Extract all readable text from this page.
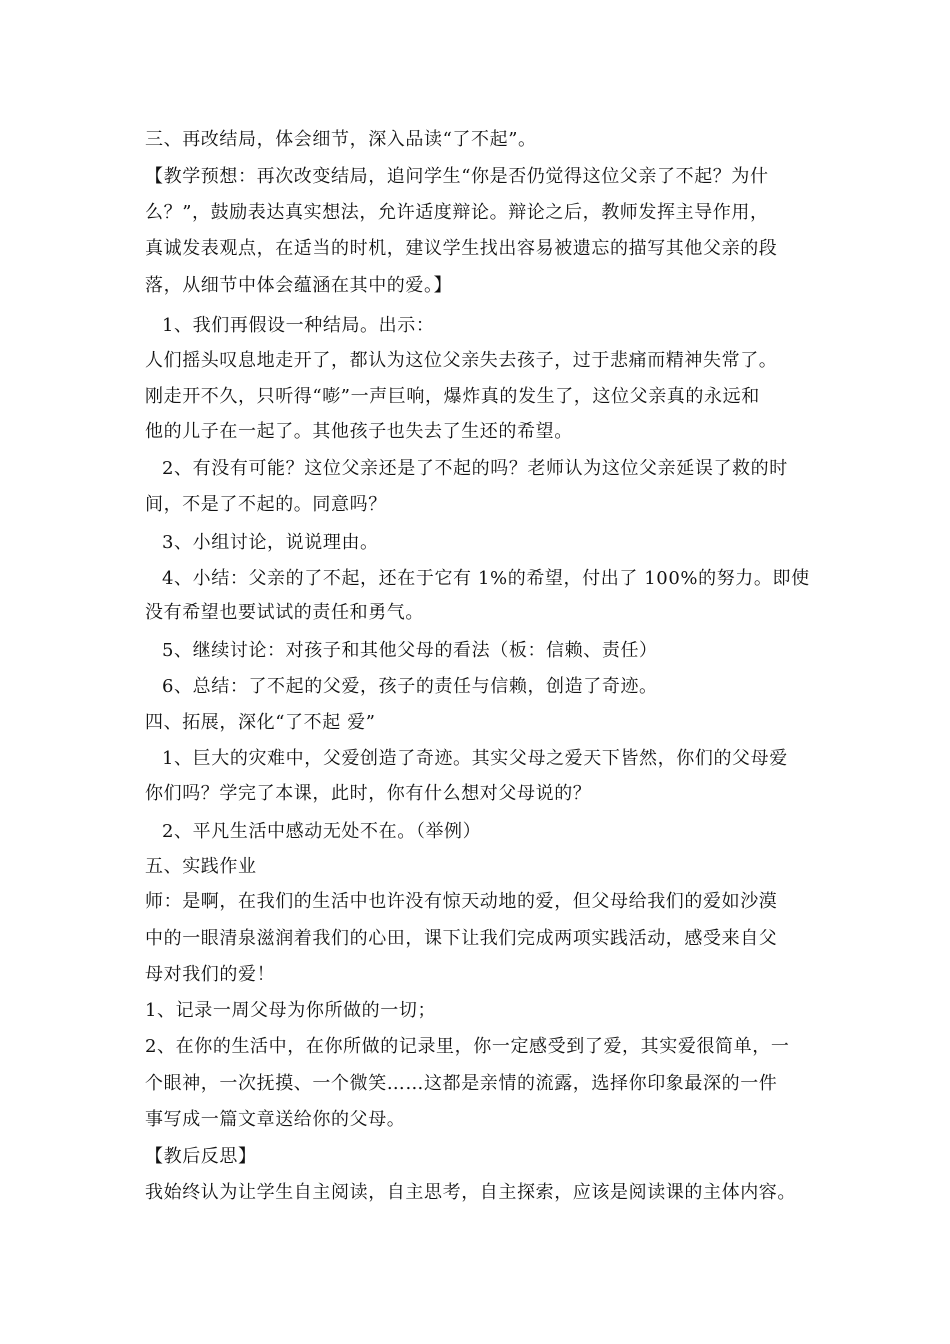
三、再改结局，体会细节，深入品读“了不起”。
【教学预想：再次改变结局，追问学生“你是否仍觉得这位父亲了不起？为什
么？”，鼓励表达真实想法，允许适度辩论。辩论之后，教师发挥主导作用，
真诚发表观点，在适当的时机，建议学生找出容易被遗忘的描写其他父亲的段
落，从细节中体会蕴涵在其中的爱。】
1、我们再假设一种结局。出示：
人们摇头叹息地走开了，都认为这位父亲失去孩子，过于悲痛而精神失常了。
刚走开不久，只听得“嘭”一声巨响，爆炸真的发生了，这位父亲真的永远和
他的儿子在一起了。其他孩子也失去了生还的希望。
2、有没有可能？这位父亲还是了不起的吗？老师认为这位父亲延误了救的时
间，不是了不起的。同意吗？
3、小组讨论，说说理由。
4、小结：父亲的了不起，还在于它有 1%的希望，付出了 100%的努力。即使
没有希望也要试试的责任和勇气。
5、继续讨论：对孩子和其他父母的看法（板：信赖、责任）
6、总结：了不起的父爱，孩子的责任与信赖，创造了奇迹。
四、拓展，深化“了不起 爱”
1、巨大的灾难中，父爱创造了奇迹。其实父母之爱天下皆然，你们的父母爱
你们吗？学完了本课，此时，你有什么想对父母说的？
2、平凡生活中感动无处不在。（举例）
五、实践作业
师：是啊，在我们的生活中也许没有惊天动地的爱，但父母给我们的爱如沙漠
中的一眼清泉滋润着我们的心田，课下让我们完成两项实践活动，感受来自父
母对我们的爱！
1、记录一周父母为你所做的一切；
2、在你的生活中，在你所做的记录里，你一定感受到了爱，其实爱很简单，一
个眼神，一次抚摸、一个微笑……这都是亲情的流露，选择你印象最深的一件
事写成一篇文章送给你的父母。
【教后反思】
我始终认为让学生自主阅读，自主思考，自主探索，应该是阅读课的主体内容。
